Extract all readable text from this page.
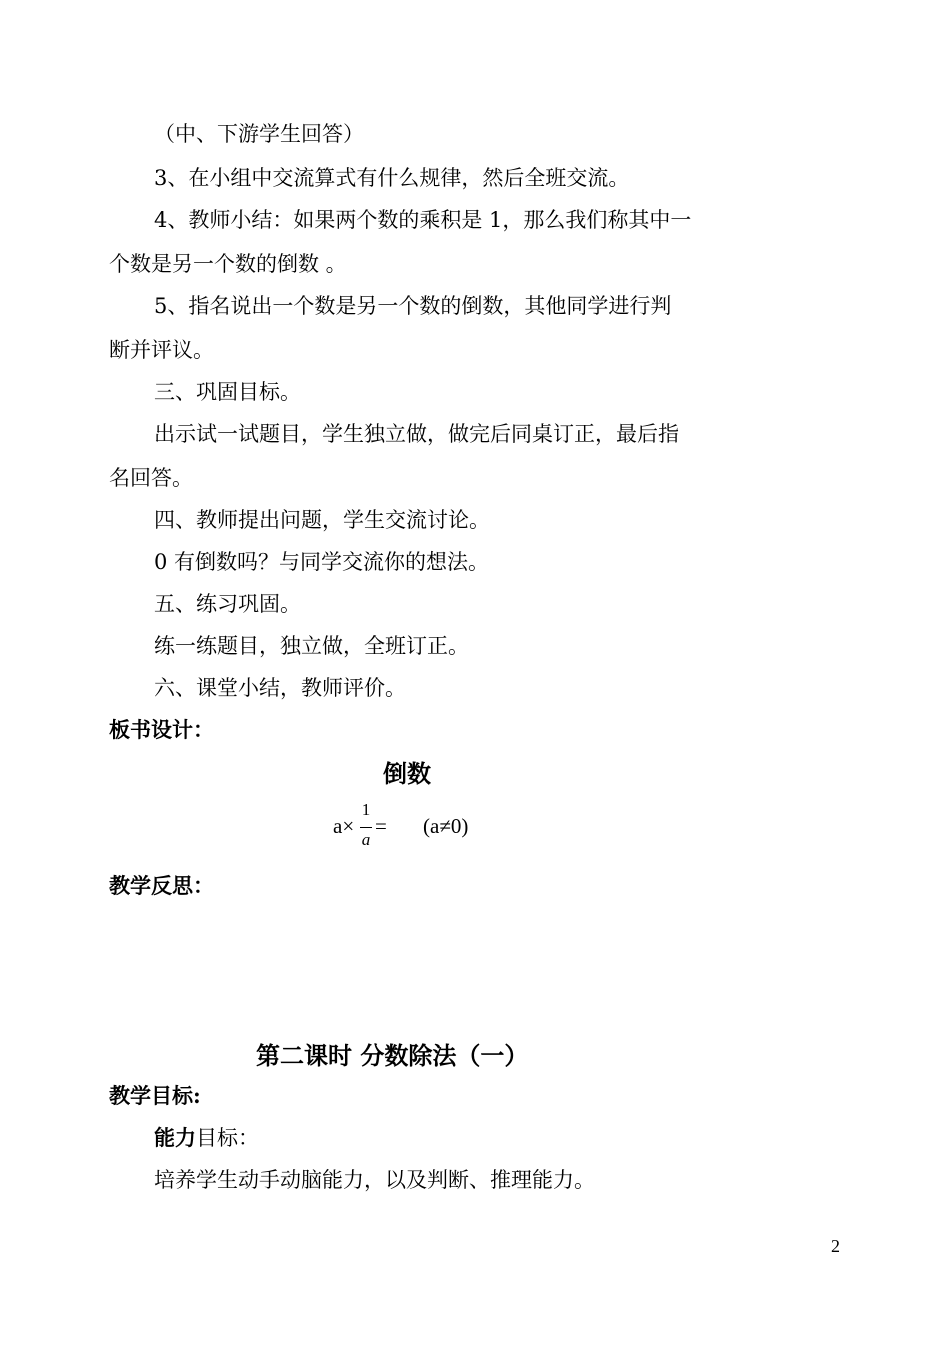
（中、下游学生回答）
3、在小组中交流算式有什么规律，然后全班交流。
4、教师小结：如果两个数的乘积是 1，那么我们称其中一
个数是另一个数的倒数 。
5、指名说出一个数是另一个数的倒数，其他同学进行判
断并评议。
三、巩固目标。
出示试一试题目，学生独立做，做完后同桌订正，最后指
名回答。
四、教师提出问题，学生交流讨论。
0 有倒数吗？与同学交流你的想法。
五、练习巩固。
练一练题目，独立做，全班订正。
六、课堂小结，教师评价。
板书设计：
倒数
a×
1
a
= (a≠0)
教学反思：
第二课时 分数除法（一）
教学目标:
能力目标：
培养学生动手动脑能力，以及判断、推理能力。
2
